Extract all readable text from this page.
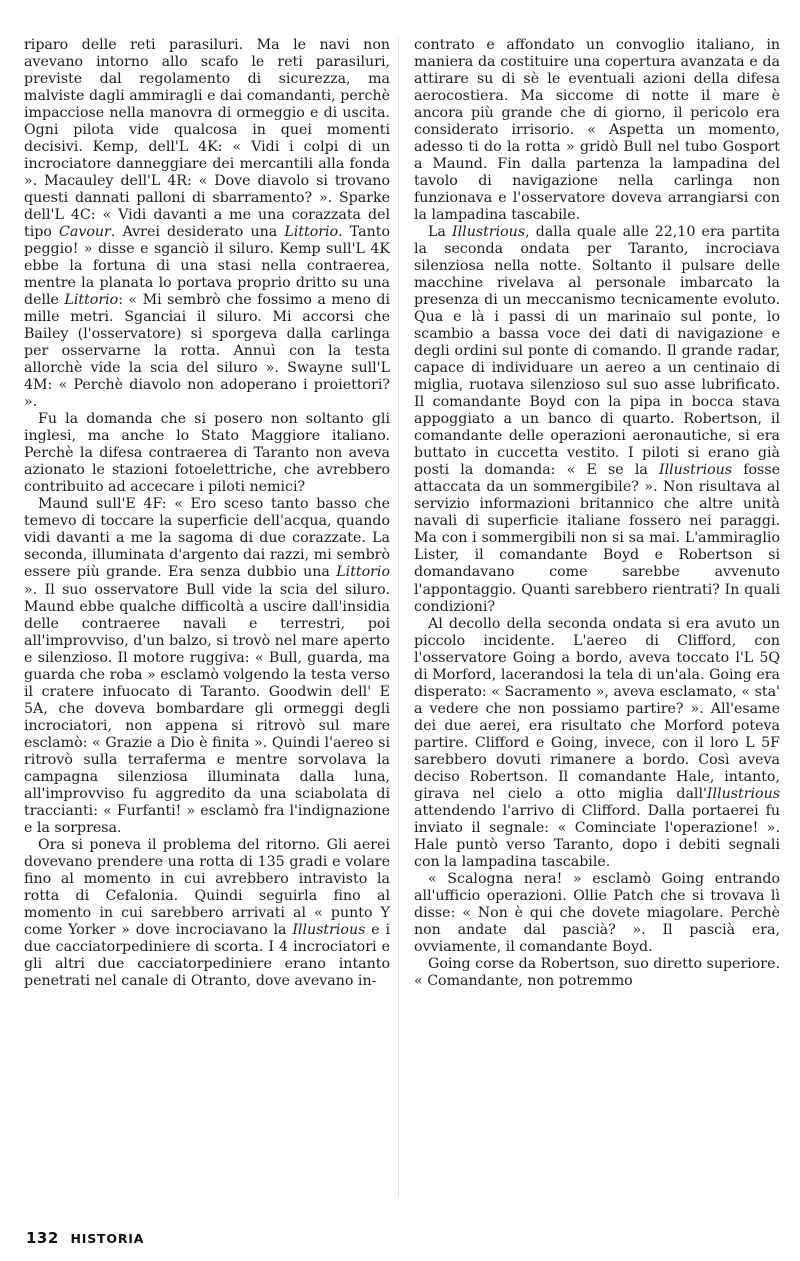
riparo delle reti parasiluri. Ma le navi non avevano intorno allo scafo le reti parasiluri, previste dal regolamento di sicurezza, ma malviste dagli ammiragli e dai comandanti, perchè impacciose nella manovra di ormeggio e di uscita. Ogni pilota vide qualcosa in quei momenti decisivi. Kemp, dell'L 4K: « Vidi i colpi di un incrociatore danneggiare dei mercantili alla fonda ». Macauley dell'L 4R: « Dove diavolo si trovano questi dannati palloni di sbarramento? ». Sparke dell'L 4C: « Vidi davanti a me una corazzata del tipo Cavour. Avrei desiderato una Littorio. Tanto peggio! » disse e sganciò il siluro. Kemp sull'L 4K ebbe la fortuna di una stasi nella contraerea, mentre la planata lo portava proprio dritto su una delle Littorio: « Mi sembrò che fossimo a meno di mille metri. Sganciai il siluro. Mi accorsi che Bailey (l'osservatore) si sporgeva dalla carlinga per osservarne la rotta. Annuì con la testa allorchè vide la scia del siluro ». Swayne sull'L 4M: « Perchè diavolo non adoperano i proiettori? ».

Fu la domanda che si posero non soltanto gli inglesi, ma anche lo Stato Maggiore italiano. Perchè la difesa contraerea di Taranto non aveva azionato le stazioni fotoelettriche, che avrebbero contribuito ad accecare i piloti nemici?

Maund sull'E 4F: « Ero sceso tanto basso che temevo di toccare la superficie dell'acqua, quando vidi davanti a me la sagoma di due corazzate. La seconda, illuminata d'argento dai razzi, mi sembrò essere più grande. Era senza dubbio una Littorio ». Il suo osservatore Bull vide la scia del siluro. Maund ebbe qualche difficoltà a uscire dall'insidia delle contraeree navali e terrestri, poi all'improvviso, d'un balzo, si trovò nel mare aperto e silenzioso. Il motore ruggiva: « Bull, guarda, ma guarda che roba » esclamò volgendo la testa verso il cratere infuocato di Taranto. Goodwin dell' E 5A, che doveva bombardare gli ormeggi degli incrociatori, non appena si ritrovò sul mare esclamò: « Grazie a Dio è finita ». Quindi l'aereo si ritrovò sulla terraferma e mentre sorvolava la campagna silenziosa illuminata dalla luna, all'improvviso fu aggredito da una sciabolata di traccianti: « Furfanti! » esclamò fra l'indignazione e la sorpresa.

Ora si poneva il problema del ritorno. Gli aerei dovevano prendere una rotta di 135 gradi e volare fino al momento in cui avrebbero intravisto la rotta di Cefalonia. Quindi seguirla fino al momento in cui sarebbero arrivati al « punto Y come Yorker » dove incrociavano la Illustrious e i due cacciatorpediniere di scorta. I 4 incrociatori e gli altri due cacciatorpediniere erano intanto penetrati nel canale di Otranto, dove avevano in-

contrato e affondato un convoglio italiano, in maniera da costituire una copertura avanzata e da attirare su di sè le eventuali azioni della difesa aerocostiera. Ma siccome di notte il mare è ancora più grande che di giorno, il pericolo era considerato irrisorio. « Aspetta un momento, adesso ti do la rotta » gridò Bull nel tubo Gosport a Maund. Fin dalla partenza la lampadina del tavolo di navigazione nella carlinga non funzionava e l'osservatore doveva arrangiarsi con la lampadina tascabile.

La Illustrious, dalla quale alle 22,10 era partita la seconda ondata per Taranto, incrociava silenziosa nella notte. Soltanto il pulsare delle macchine rivelava al personale imbarcato la presenza di un meccanismo tecnicamente evoluto. Qua e là i passi di un marinaio sul ponte, lo scambio a bassa voce dei dati di navigazione e degli ordini sul ponte di comando. Il grande radar, capace di individuare un aereo a un centinaio di miglia, ruotava silenzioso sul suo asse lubrificato. Il comandante Boyd con la pipa in bocca stava appoggiato a un banco di quarto. Robertson, il comandante delle operazioni aeronautiche, si era buttato in cuccetta vestito. I piloti si erano già posti la domanda: « E se la Illustrious fosse attaccata da un sommergibile? ». Non risultava al servizio informazioni britannico che altre unità navali di superficie italiane fossero nei paraggi. Ma con i sommergibili non si sa mai. L'ammiraglio Lister, il comandante Boyd e Robertson si domandavano come sarebbe avvenuto l'appontaggio. Quanti sarebbero rientrati? In quali condizioni?

Al decollo della seconda ondata si era avuto un piccolo incidente. L'aereo di Clifford, con l'osservatore Going a bordo, aveva toccato l'L 5Q di Morford, lacerandosi la tela di un'ala. Going era disperato: « Sacramento », aveva esclamato, « sta' a vedere che non possiamo partire? ». All'esame dei due aerei, era risultato che Morford poteva partire. Clifford e Going, invece, con il loro L 5F sarebbero dovuti rimanere a bordo. Così aveva deciso Robertson. Il comandante Hale, intanto, girava nel cielo a otto miglia dall'Illustrious attendendo l'arrivo di Clifford. Dalla portaerei fu inviato il segnale: « Cominciate l'operazione! ». Hale puntò verso Taranto, dopo i debiti segnali con la lampadina tascabile.

« Scalogna nera! » esclamò Going entrando all'ufficio operazioni. Ollie Patch che si trovava lì disse: « Non è qui che dovete miagolare. Perchè non andate dal pascià? ». Il pascià era, ovviamente, il comandante Boyd.

Going corse da Robertson, suo diretto superiore. « Comandante, non potremmo

132 HISTORIA
